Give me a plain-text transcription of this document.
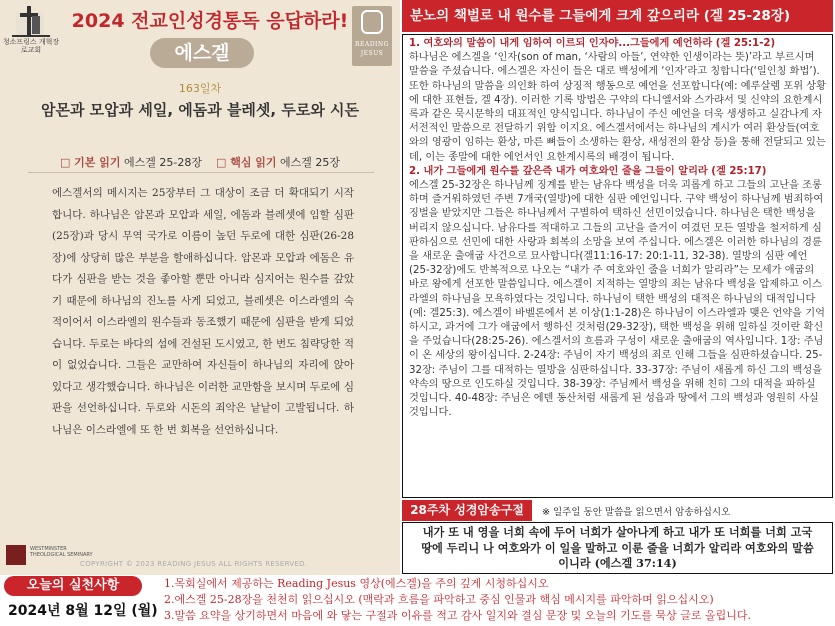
청소프링스 개혁장로교회
2024 전교인성경통독 응답하라!
READING JESUS
에스겔
163일차
암몬과 모압과 세일, 에돔과 블레셋, 두로와 시돈
□ 기본 읽기 에스겔 25-28장 □ 핵심 읽기 에스겔 25장
에스겔서의 메시지는 25장부터 그 대상이 조금 더 확대되기 시작합니다. 하나님은 암몬과 모압과 세일, 에돔과 블레셋에 임할 심판(25장)과 당시 무역 국가로 이름이 높던 두로에 대한 심판(26-28장)에 상당히 많은 부분을 할애하십니다. 암몬과 모압과 에돔은 유다가 심판을 받는 것을 좋아할 뿐만 아니라 심지어는 원수를 갚았기 때문에 하나님의 진노를 사게 되었고, 블레셋은 이스라엘의 숙적이어서 이스라엘의 원수들과 동조했기 때문에 심판을 받게 되었습니다. 두로는 바다의 섬에 건설된 도시였고, 한 번도 침략당한 적이 없었습니다. 그들은 교만하여 자신들이 하나님의 자리에 앉아 있다고 생각했습니다. 하나님은 이러한 교만함을 보시며 두로에 심판을 선언하십니다. 두로와 시돈의 죄악은 낱낱이 고발됩니다. 하나님은 이스라엘에 또 한 번 회복을 선언하십니다.
WESTMINSTER THEOLOGICAL SEMINARY
COPYRIGHT © 2023 READING JESUS ALL RIGHTS RESERVED.
오늘의 실천사항
2024년 8월 12일 (월)
1.목회실에서 제공하는 Reading Jesus 영상(에스겔)을 주의 깊게 시청하십시오
2.에스겔 25-28장을 천천히 읽으십시오 (맥락과 흐름을 파악하고 중심 인물과 핵심 메시지를 파악하며 읽으십시오)
3.말씀 요약을 상기하면서 마음에 와 닿는 구절과 이유를 적고 감사 일지와 결심 문장 및 오늘의 기도를 묵상 글로 올립니다.
분노의 책벌로 내 원수를 그들에게 크게 갚으리라 (겔 25-28장)

1. 여호와의 말씀이 내게 임하여 이르되 인자야...그들에게 예언하라 (겔 25:1-2)

하나님은 에스겔을 ‘인자(son of man, ‘사람의 아들’, 연약한 인생이라는 뜻)’라고 부르시며 말씀을 주셨습니다. 에스겔은 자신이 들은 대로 백성에게 ‘인자’라고 칭합니다(‘일인칭 화법’). 또한 하나님의 말씀을 의인화 하여 상징적 행동으로 예언을 선포합니다(예: 예루살렘 포위 상황에 대한 표현들, 겔 4장). 이러한 기록 방법은 구약의 다니엘서와 스가랴서 및 신약의 요한계시록과 같은 묵시문학의 대표적인 양식입니다. 하나님이 주신 예언을 더욱 생생하고 실감나게 자서전적인 말씀으로 전달하기 위함 이지요. 에스겔서에서는 하나님의 계시가 여러 환상들(여호와의 영광이 임하는 환상, 마른 뼈들이 소생하는 환상, 새성전의 환상 등)을 통해 전달되고 있는데, 이는 종말에 대한 에언서인 요한계시록의 배경이 됩니다.

2. 내가 그들에게 원수를 갚은즉 내가 여호와인 줄을 그들이 알리라 (겔 25:17)

에스겔 25-32장은 하나님께 징계를 받는 남유다 백성을 더욱 괴롭게 하고 그들의 고난을 조롱하며 즐거워하였던 주변 7개국(열방)에 대한 심판 예언입니다. 구약 백성이 하나님께 범죄하여 징벌을 받았지만 그들은 하나님께서 구별하여 택하신 선민이었습니다. 하나님은 택한 백성을 버리지 않으십니다. 남유다를 적대하고 그들의 고난을 즐거이 여겼던 모든 열방을 철저하게 심판하심으로 선민에 대한 사랑과 회복의 소망을 보여 주십니다. 에스겔은 이러한 하나님의 경륜을 새로운 출애굽 사건으로 묘사합니다(겔11:16-17: 20:1-11, 32-38). 열방의 심판 예언(25-32장)에도 반복적으로 나오는 “내가 주 여호와인 줄을 너희가 알리라”는 모세가 애굽의 바로 왕에게 선포한 말씀입니다. 에스겔이 지적하는 열방의 죄는 남유다 백성을 압제하고 이스라엘의 하나님을 모욕하였다는 것입니다. 하나님이 택한 백성의 대적은 하나님의 대적입니다(예: 겔25:3). 에스겔이 바벨론에서 본 이상(1:1-28)은 하나님이 이스라엘과 맺은 언약을 기억하시고, 과거에 그가 애굽에서 행하신 것처럼(29-32장), 택한 백성을 위해 일하실 것이란 확신을 주었습니다(28:25-26). 에스겔서의 흐름과 구성이 새로운 출애굽의 역사입니다. 1장: 주님이 온 세상의 왕이십니다. 2-24장: 주님이 자기 백성의 죄로 인해 그들을 심판하셨습니다. 25-32장: 주님이 그를 대적하는 열방을 심판하십니다. 33-37장: 주님이 새롭게 하신 그의 백성을 약속의 땅으로 인도하실 것입니다. 38-39장: 주님께서 백성을 위해 친히 그의 대적을 파하실 것입니다. 40-48장: 주님은 에덴 동산처럼 새롭게 된 성읍과 땅에서 그의 백성과 영원히 사실 것입니다.

28주차 성경암송구절	※ 일주일 동안 말씀을 읽으면서 암송하십시오
내가 또 내 영을 너희 속에 두어 너희가 살아나게 하고 내가 또 너희를 너희 고국 땅에 두리니 나 여호와가 이 일을 말하고 이룬 줄을 너희가 알리라 여호와의 말씀이니라 (에스겔 37:14)
